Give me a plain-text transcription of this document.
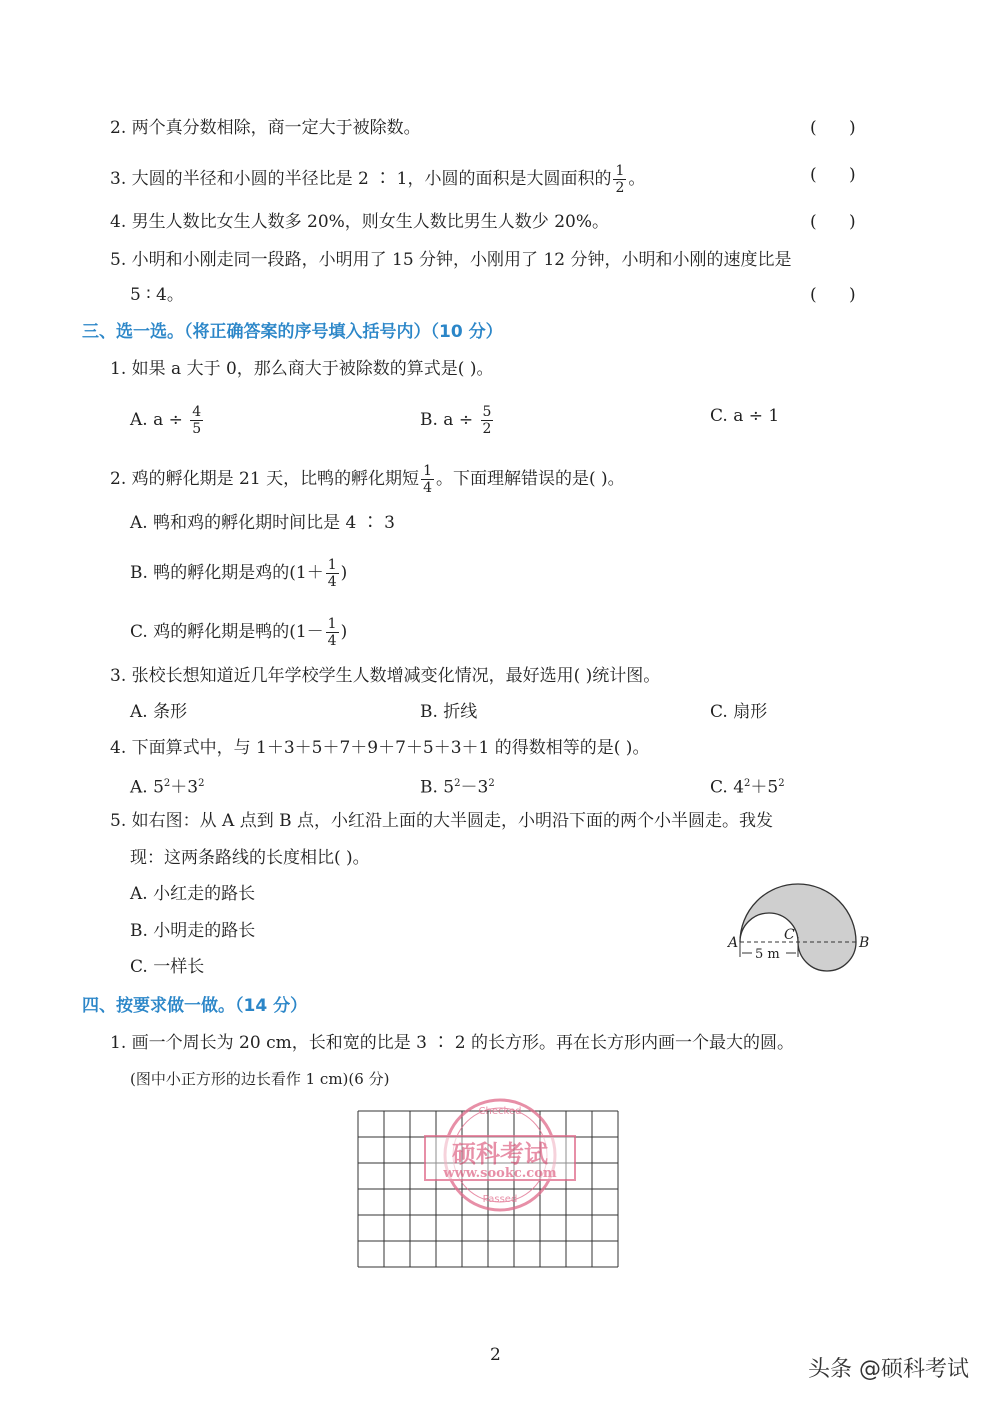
2. 两个真分数相除，商一定大于被除数。	(      )
3. 大圆的半径和小圆的半径比是 2 ∶ 1，小圆的面积是大圆面积的 $\frac{1}{2}$ 。	(      )
4. 男生人数比女生人数多 20%，则女生人数比男生人数少 20%。	(      )
5. 小明和小刚走同一段路，小明用了 15 分钟，小刚用了 12 分钟，小明和小刚的速度比是
5 ∶ 4。	(      )
三、选一选。（将正确答案的序号填入括号内）（10 分）
1. 如果 a 大于 0，那么商大于被除数的算式是( )。
A. $a \div \frac{4}{5}$	B. $a \div \frac{5}{2}$	C. a ÷ 1
2. 鸡的孵化期是 21 天，比鸭的孵化期短 $\frac{1}{4}$ 。下面理解错误的是( )。
A. 鸭和鸡的孵化期时间比是 4 ∶ 3
B. 鸭的孵化期是鸡的($1+ \frac{1}{4}$ )
C. 鸡的孵化期是鸭的($1- \frac{1}{4}$ )
3. 张校长想知道近几年学校学生人数增减变化情况，最好选用( )统计图。
A. 条形	B. 折线	C. 扇形
4. 下面算式中，与 1＋3＋5＋7＋9＋7＋5＋3＋1 的得数相等的是( )。
A. $5^2+3^2$	B. $5^2-3^2$	C. $4^2+5^2$
5. 如右图：从 A 点到 B 点，小红沿上面的大半圆走，小明沿下面的两个小半圆走。我发
现：这两条路线的长度相比( )。
A. 小红走的路长
B. 小明走的路长
C. 一样长
A	B
C
5 m
四、按要求做一做。（14 分）
1. 画一个周长为 20 cm，长和宽的比是 3 ∶ 2 的长方形。再在长方形内画一个最大的圆。
(图中小正方形的边长看作 1 cm)(6 分)
Checked
硕科考试
www.sookc.com
Passed
2
头条 @硕科考试
